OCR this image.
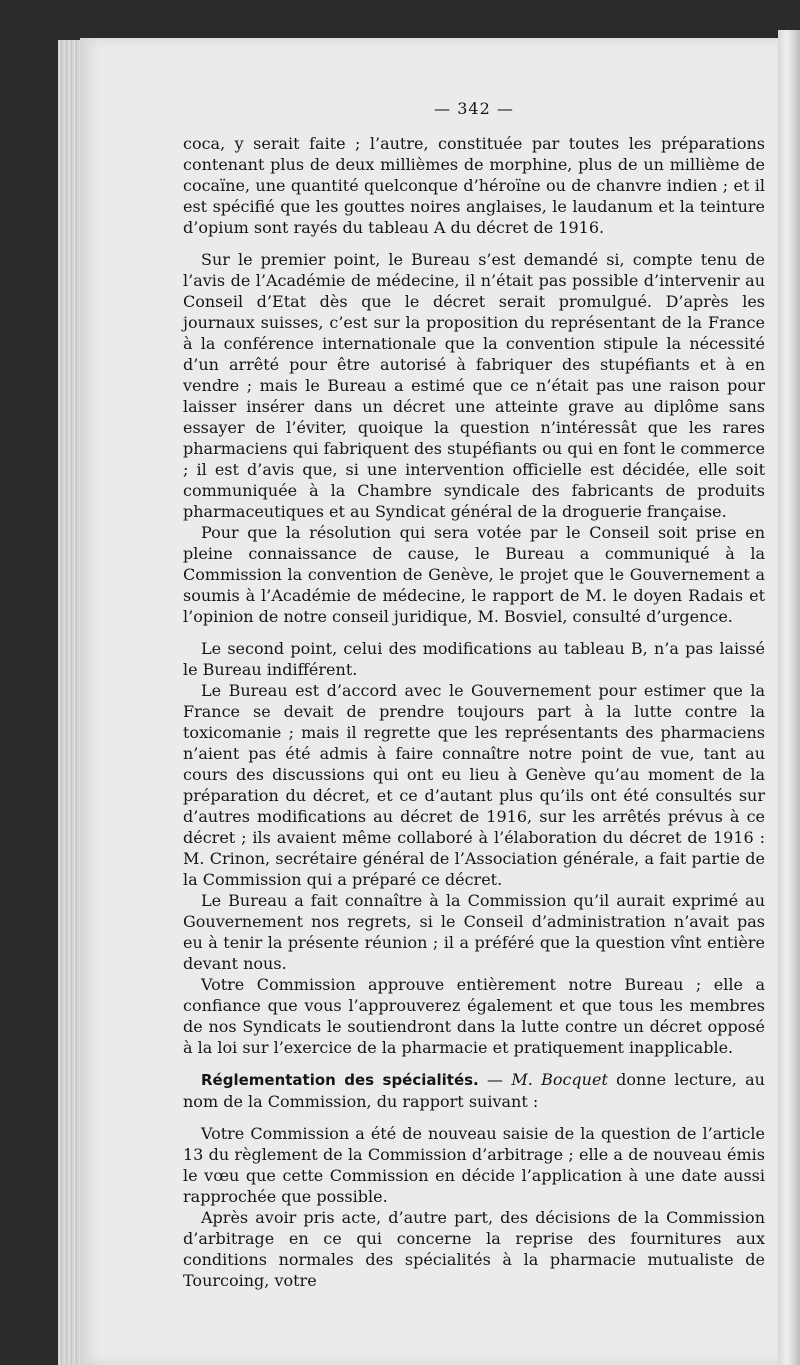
— 342 —

coca, y serait faite ; l’autre, constituée par toutes les préparations contenant plus de deux millièmes de morphine, plus de un millième de cocaïne, une quantité quelconque d’héroïne ou de chanvre indien ; et il est spécifié que les gouttes noires anglaises, le laudanum et la teinture d’opium sont rayés du tableau A du décret de 1916.

Sur le premier point, le Bureau s’est demandé si, compte tenu de l’avis de l’Académie de médecine, il n’était pas possible d’intervenir au Conseil d’Etat dès que le décret serait promulgué. D’après les journaux suisses, c’est sur la proposition du représentant de la France à la conférence internationale que la convention stipule la nécessité d’un arrêté pour être autorisé à fabriquer des stupéfiants et à en vendre ; mais le Bureau a estimé que ce n’était pas une raison pour laisser insérer dans un décret une atteinte grave au diplôme sans essayer de l’éviter, quoique la question n’intéressât que les rares pharmaciens qui fabriquent des stupéfiants ou qui en font le commerce ; il est d’avis que, si une intervention officielle est décidée, elle soit communiquée à la Chambre syndicale des fabricants de produits pharmaceutiques et au Syndicat général de la droguerie française.

Pour que la résolution qui sera votée par le Conseil soit prise en pleine connaissance de cause, le Bureau a communiqué à la Commission la convention de Genève, le projet que le Gouvernement a soumis à l’Académie de médecine, le rapport de M. le doyen Radais et l’opinion de notre conseil juridique, M. Bosviel, consulté d’urgence.

Le second point, celui des modifications au tableau B, n’a pas laissé le Bureau indifférent.

Le Bureau est d’accord avec le Gouvernement pour estimer que la France se devait de prendre toujours part à la lutte contre la toxicomanie ; mais il regrette que les représentants des pharmaciens n’aient pas été admis à faire connaître notre point de vue, tant au cours des discussions qui ont eu lieu à Genève qu’au moment de la préparation du décret, et ce d’autant plus qu’ils ont été consultés sur d’autres modifications au décret de 1916, sur les arrêtés prévus à ce décret ; ils avaient même collaboré à l’élaboration du décret de 1916 : M. Crinon, secrétaire général de l’Association générale, a fait partie de la Commission qui a préparé ce décret.

Le Bureau a fait connaître à la Commission qu’il aurait exprimé au Gouvernement nos regrets, si le Conseil d’administration n’avait pas eu à tenir la présente réunion ; il a préféré que la question vînt entière devant nous.

Votre Commission approuve entièrement notre Bureau ; elle a confiance que vous l’approuverez également et que tous les membres de nos Syndicats le soutiendront dans la lutte contre un décret opposé à la loi sur l’exercice de la pharmacie et pratiquement inapplicable.

Réglementation des spécialités. — M. Bocquet donne lecture, au nom de la Commission, du rapport suivant :

Votre Commission a été de nouveau saisie de la question de l’article 13 du règlement de la Commission d’arbitrage ; elle a de nouveau émis le vœu que cette Commission en décide l’application à une date aussi rapprochée que possible.

Après avoir pris acte, d’autre part, des décisions de la Commission d’arbitrage en ce qui concerne la reprise des fournitures aux conditions normales des spécialités à la pharmacie mutualiste de Tourcoing, votre
